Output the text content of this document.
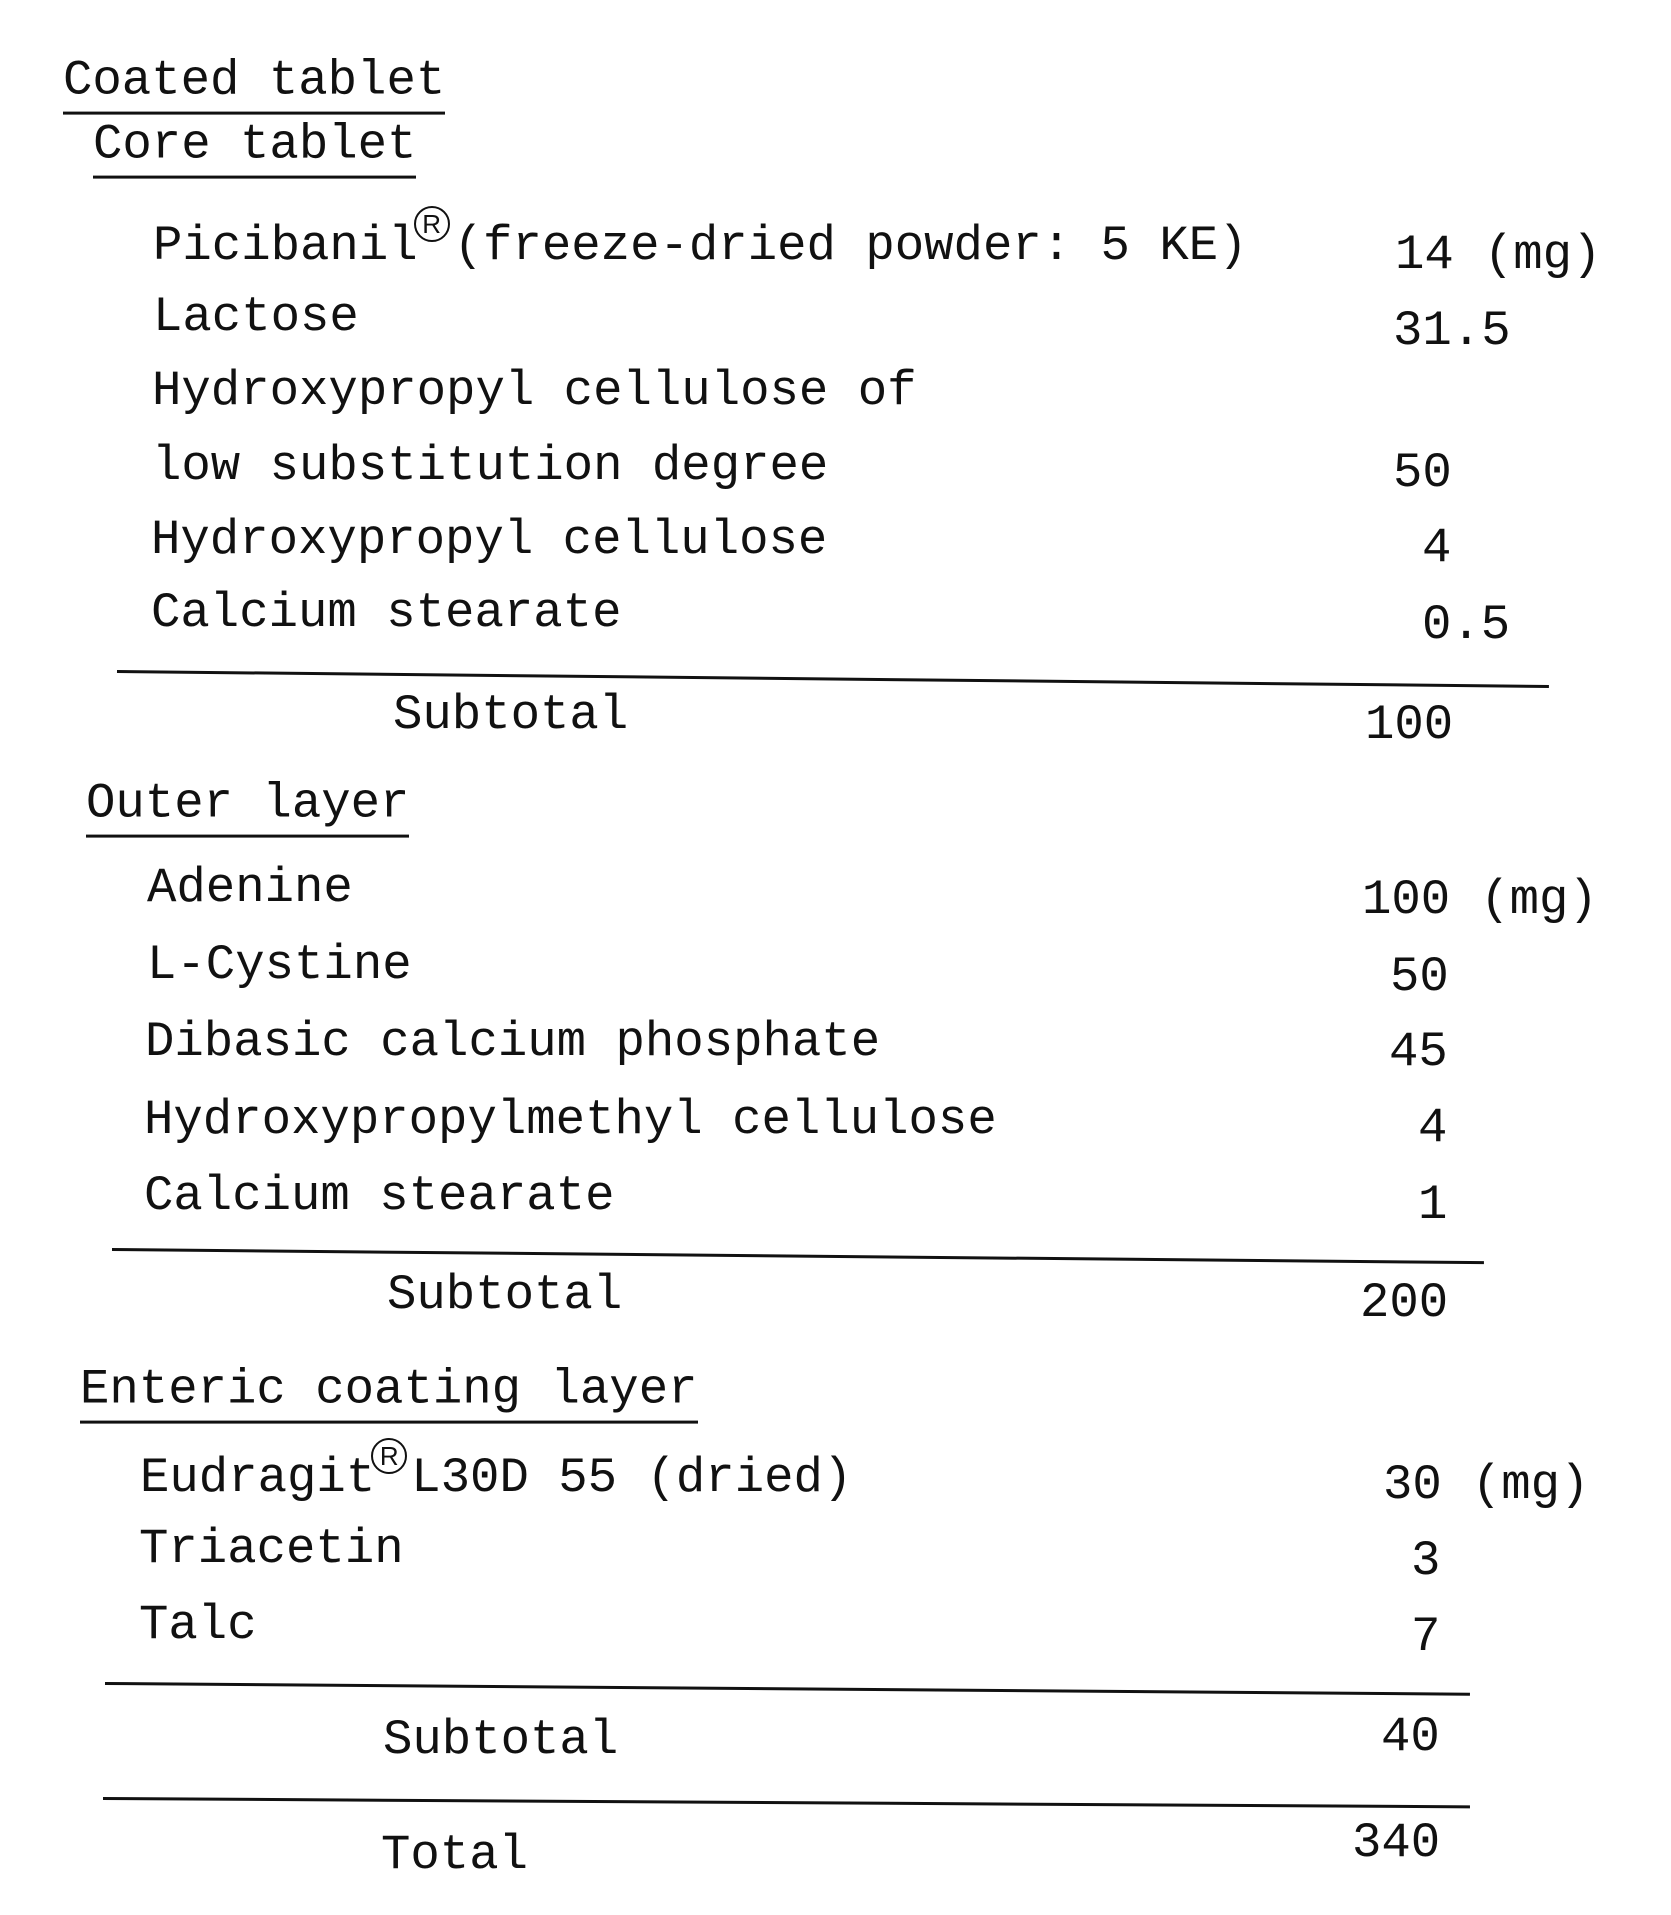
Coated tablet
Core tablet
Picibanil R (freeze-dried powder: 5 KE)	14 (mg)
Lactose	31.5
Hydroxypropyl cellulose of
low substitution degree	50
Hydroxypropyl cellulose	4
Calcium stearate	0.5
Subtotal	100
Outer layer
Adenine	100 (mg)
L-Cystine	50
Dibasic calcium phosphate	45
Hydroxypropylmethyl cellulose	4
Calcium stearate	1
Subtotal	200
Enteric coating layer
Eudragit R L30D 55 (dried)	30 (mg)
Triacetin	3
Talc	7
Subtotal	40
Total	340
